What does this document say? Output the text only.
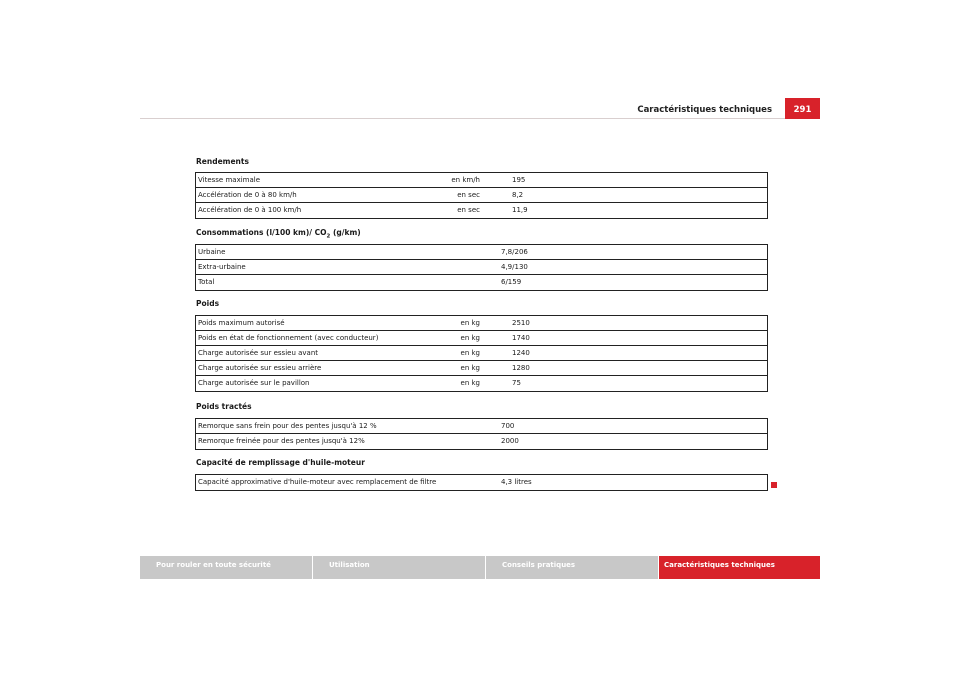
Caractéristiques techniques	291
Rendements
Vitesse maximale	en km/h	195
Accélération de 0 à 80 km/h	en sec	8,2
Accélération de 0 à 100 km/h	en sec	11,9
Consommations (l/100 km)/ $CO_2$ (g/km)
Urbaine	7,8/206
Extra-urbaine	4,9/130
Total	6/159
Poids
Poids maximum autorisé	en kg	2510
Poids en état de fonctionnement (avec conducteur)	en kg	1740
Charge autorisée sur essieu avant	en kg	1240
Charge autorisée sur essieu arrière	en kg	1280
Charge autorisée sur le pavillon	en kg	75
Poids tractés
Remorque sans frein pour des pentes jusqu'à 12 %	700
Remorque freinée pour des pentes jusqu'à 12%	2000
Capacité de remplissage d'huile-moteur
Capacité approximative d'huile-moteur avec remplacement de filtre	4,3 litres
Pour rouler en toute sécurité	Utilisation	Conseils pratiques	Caractéristiques techniques
